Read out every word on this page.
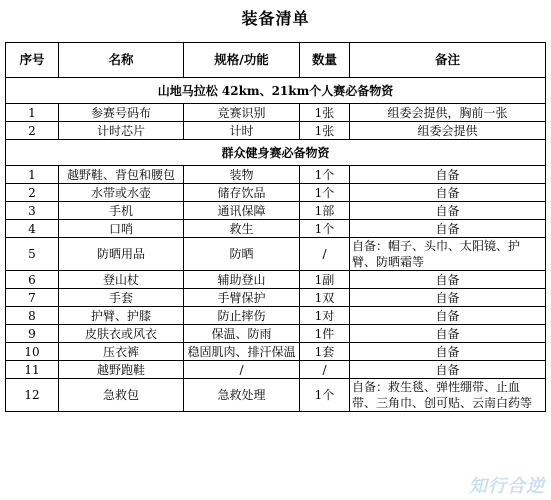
装备清单
序号	名称	规格/功能	数量	备注
山地马拉松 42km、21km个人赛必备物资				
1	参赛号码布	竞赛识别	1张	组委会提供，胸前一张
2	计时芯片	计时	1张	组委会提供
群众健身赛必备物资				
1	越野鞋、背包和腰包	装物	1个	自备
2	水带或水壶	储存饮品	1个	自备
3	手机	通讯保障	1部	自备
4	口哨	救生	1个	自备
5	防晒用品	防晒	/	自备：帽子、头巾、太阳镜、护臂、防晒霜等
6	登山杖	辅助登山	1副	自备
7	手套	手臂保护	1双	自备
8	护臂、护膝	防止摔伤	1对	自备
9	皮肤衣或风衣	保温、防雨	1件	自备
10	压衣裤	稳固肌肉、排汗保温	1套	自备
11	越野跑鞋	/	/	自备
12	急救包	急救处理	1个	自备：救生毯、弹性绷带、止血带、三角巾、创可贴、云南白药等
知行合逆
